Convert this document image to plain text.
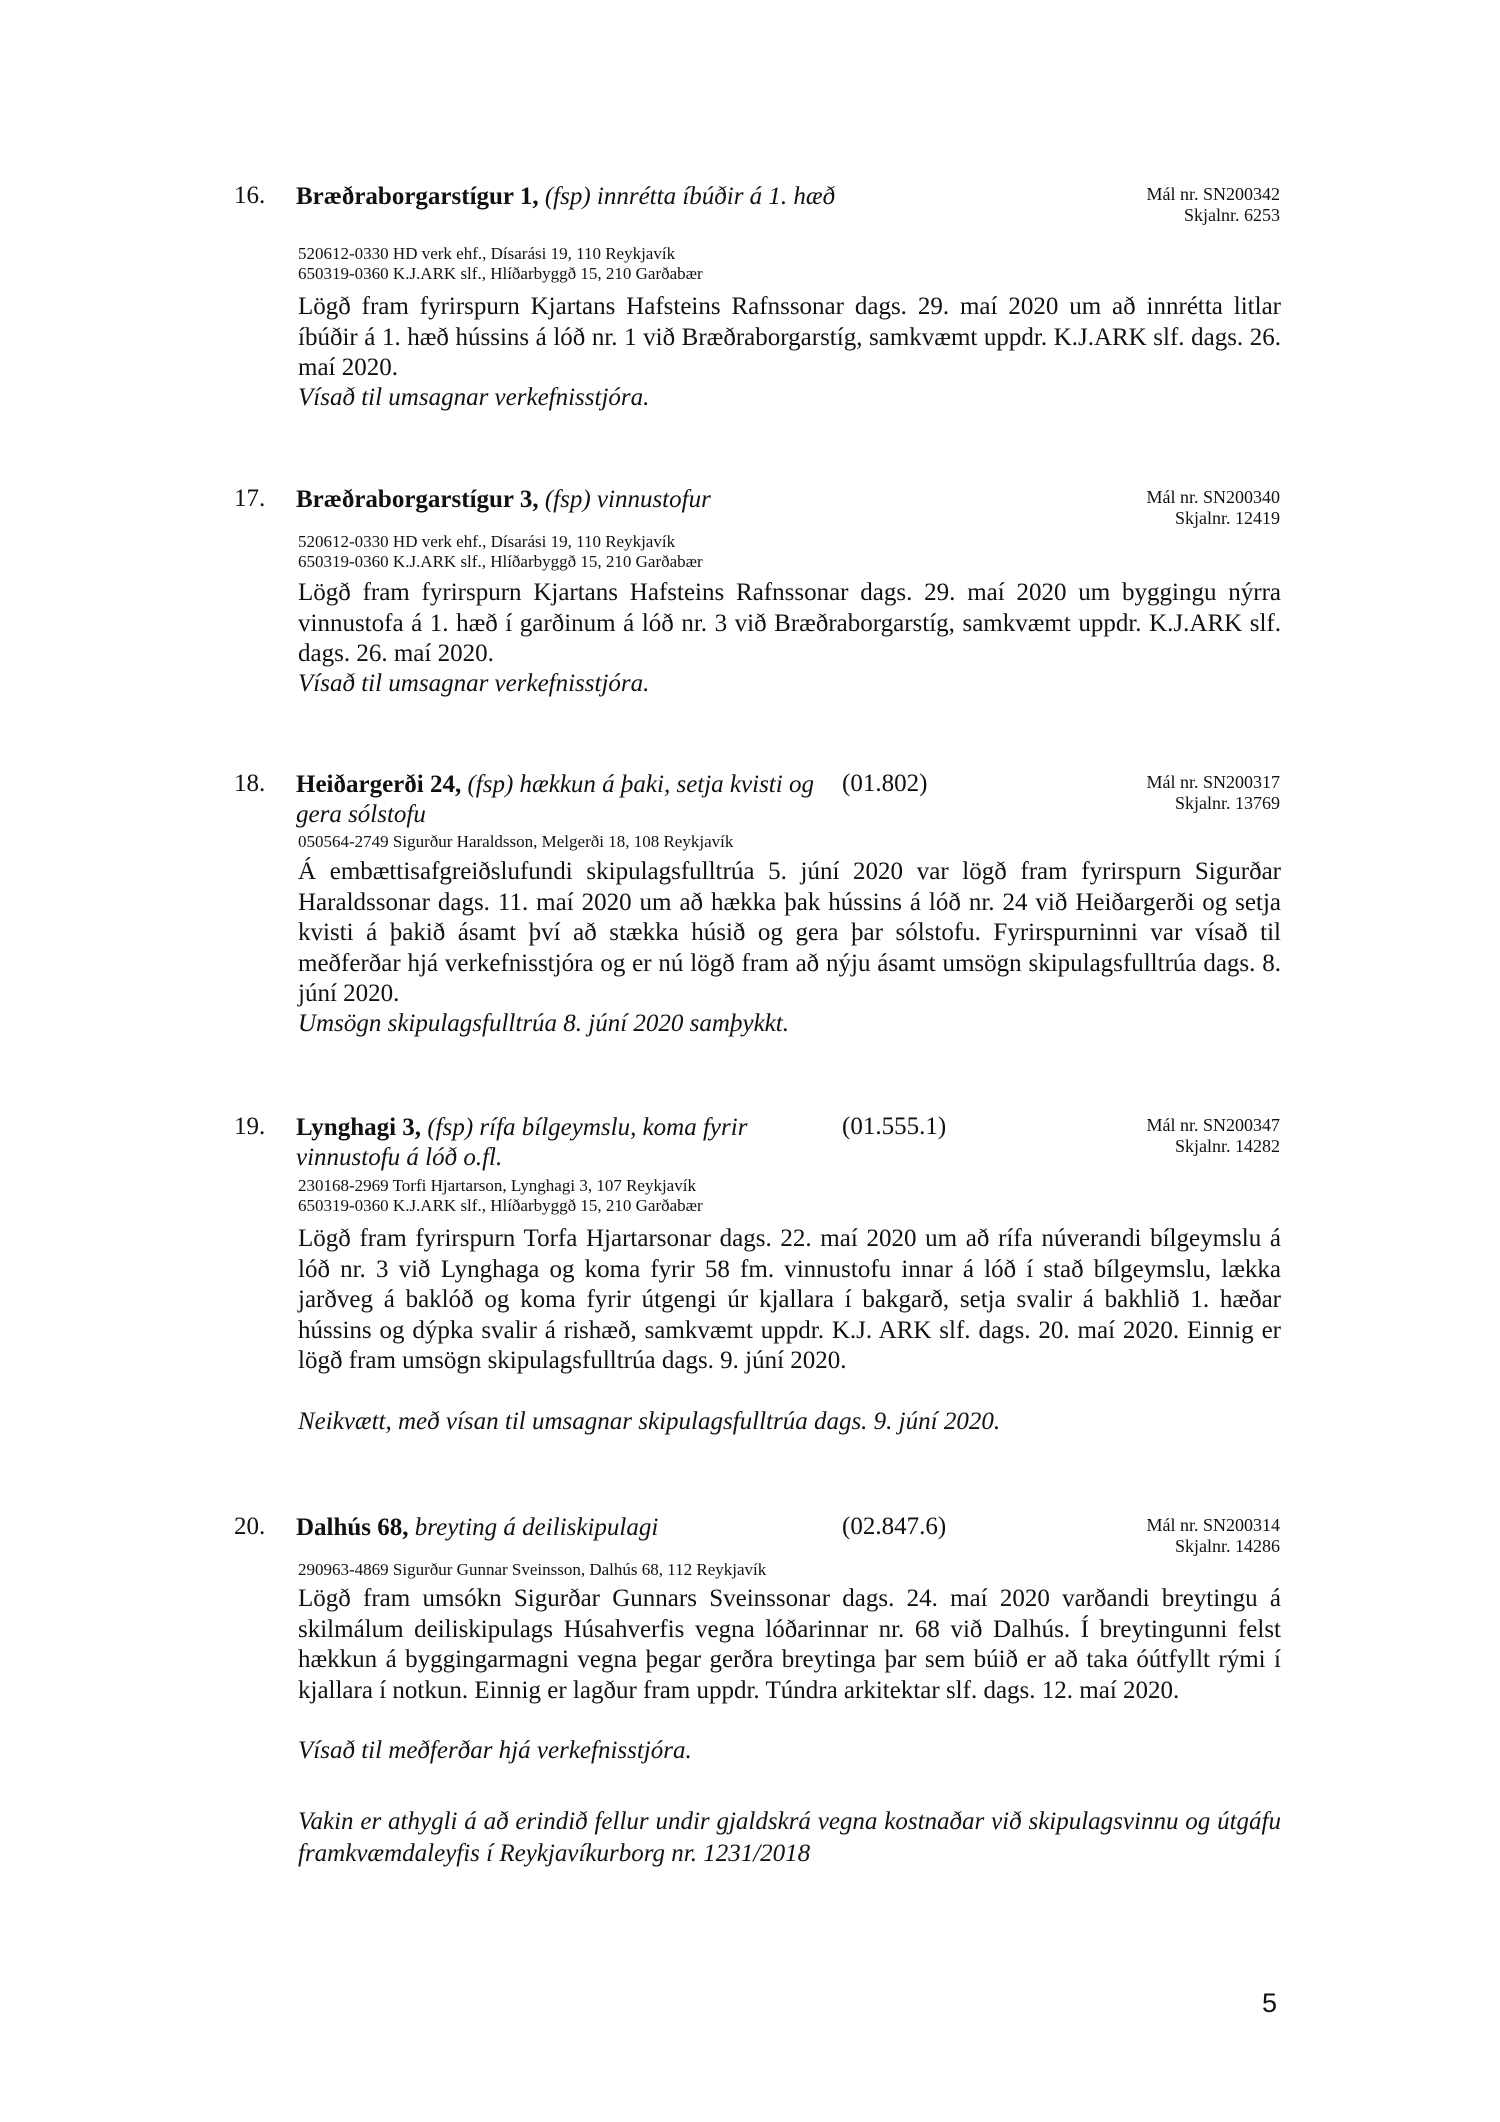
16. Bræðraborgarstígur 1, (fsp) innrétta íbúðir á 1. hæð	Mál nr. SN200342
Skjalnr. 6253
520612-0330 HD verk ehf., Dísarási 19, 110 Reykjavík
650319-0360 K.J.ARK slf., Hlíðarbyggð 15, 210 Garðabær
Lögð fram fyrirspurn Kjartans Hafsteins Rafnssonar dags. 29. maí 2020 um að innrétta litlar íbúðir á 1. hæð hússins á lóð nr. 1 við Bræðraborgarstíg, samkvæmt uppdr. K.J.ARK slf. dags. 26. maí 2020.
Vísað til umsagnar verkefnisstjóra.
17. Bræðraborgarstígur 3, (fsp) vinnustofur	Mál nr. SN200340
Skjalnr. 12419
520612-0330 HD verk ehf., Dísarási 19, 110 Reykjavík
650319-0360 K.J.ARK slf., Hlíðarbyggð 15, 210 Garðabær
Lögð fram fyrirspurn Kjartans Hafsteins Rafnssonar dags. 29. maí 2020 um byggingu nýrra vinnustofa á 1. hæð í garðinum á lóð nr. 3 við Bræðraborgarstíg, samkvæmt uppdr. K.J.ARK slf. dags. 26. maí 2020.
Vísað til umsagnar verkefnisstjóra.
18. Heiðargerði 24, (fsp) hækkun á þaki, setja kvisti og gera sólstofu
(01.802)	Mál nr. SN200317
Skjalnr. 13769
050564-2749 Sigurður Haraldsson, Melgerði 18, 108 Reykjavík
Á embættisafgreiðslufundi skipulagsfulltrúa 5. júní 2020 var lögð fram fyrirspurn Sigurðar Haraldssonar dags. 11. maí 2020 um að hækka þak hússins á lóð nr. 24 við Heiðargerði og setja kvisti á þakið ásamt því að stækka húsið og gera þar sólstofu. Fyrirspurninni var vísað til meðferðar hjá verkefnisstjóra og er nú lögð fram að nýju ásamt umsögn skipulagsfulltrúa dags. 8. júní 2020.
Umsögn skipulagsfulltrúa 8. júní 2020 samþykkt.
19. Lynghagi 3, (fsp) rífa bílgeymslu, koma fyrir vinnustofu á lóð o.fl.
(01.555.1)	Mál nr. SN200347
Skjalnr. 14282
230168-2969 Torfi Hjartarson, Lynghagi 3, 107 Reykjavík
650319-0360 K.J.ARK slf., Hlíðarbyggð 15, 210 Garðabær
Lögð fram fyrirspurn Torfa Hjartarsonar dags. 22. maí 2020 um að rífa núverandi bílgeymslu á lóð nr. 3 við Lynghaga og koma fyrir 58 fm. vinnustofu innar á lóð í stað bílgeymslu, lækka jarðveg á baklóð og koma fyrir útgengi úr kjallara í bakgarð, setja svalir á bakhlið 1. hæðar hússins og dýpka svalir á rishæð, samkvæmt uppdr. K.J. ARK slf. dags. 20. maí 2020. Einnig er lögð fram umsögn skipulagsfulltrúa dags. 9. júní 2020.
Neikvætt, með vísan til umsagnar skipulagsfulltrúa dags. 9. júní 2020.
20. Dalhús 68, breyting á deiliskipulagi	(02.847.6)	Mál nr. SN200314
Skjalnr. 14286
290963-4869 Sigurður Gunnar Sveinsson, Dalhús 68, 112 Reykjavík
Lögð fram umsókn Sigurðar Gunnars Sveinssonar dags. 24. maí 2020 varðandi breytingu á skilmálum deiliskipulags Húsahverfis vegna lóðarinnar nr. 68 við Dalhús. Í breytingunni felst hækkun á byggingarmagni vegna þegar gerðra breytinga þar sem búið er að taka óútfyllt rými í kjallara í notkun. Einnig er lagður fram uppdr. Túndra arkitektar slf. dags. 12. maí 2020.
Vísað til meðferðar hjá verkefnisstjóra.
Vakin er athygli á að erindið fellur undir gjaldskrá vegna kostnaðar við skipulagsvinnu og útgáfu framkvæmdaleyfis í Reykjavíkurborg nr. 1231/2018
5
